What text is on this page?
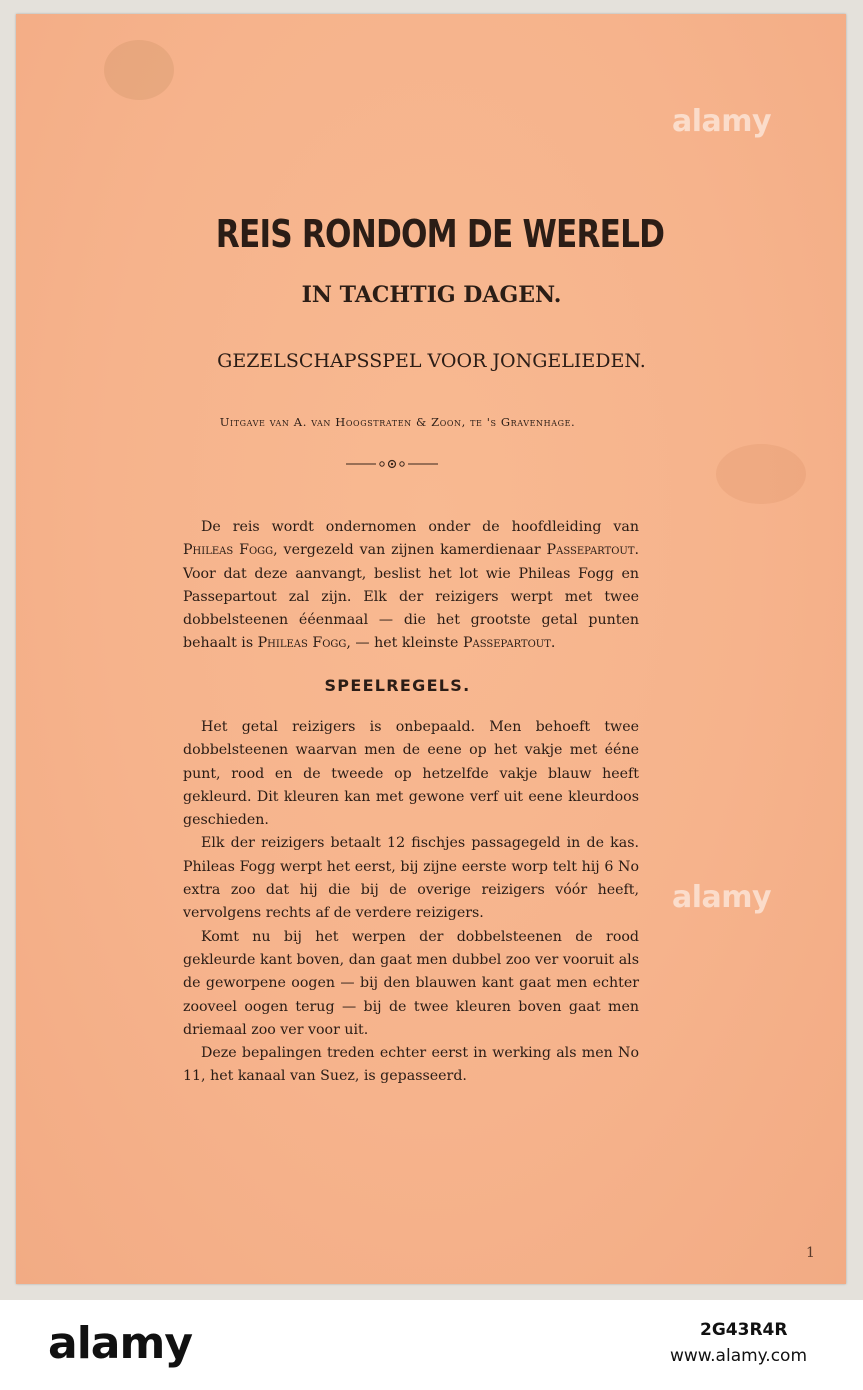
REIS RONDOM DE WERELD
IN TACHTIG DAGEN.
GEZELSCHAPSSPEL VOOR JONGELIEDEN.
Uitgave van A. van Hoogstraten & Zoon, te 's Gravenhage.
De reis wordt ondernomen onder de hoofdleiding van Phileas Fogg, vergezeld van zijnen kamerdienaar Passepartout. Voor dat deze aanvangt, beslist het lot wie Phileas Fogg en Passepartout zal zijn. Elk der reizigers werpt met twee dobbelsteenen ééenmaal — die het grootste getal punten behaalt is Phileas Fogg, — het kleinste Passepartout.
SPEELREGELS.
Het getal reizigers is onbepaald. Men behoeft twee dobbelsteenen waarvan men de eene op het vakje met ééne punt, rood en de tweede op hetzelfde vakje blauw heeft gekleurd. Dit kleuren kan met gewone verf uit eene kleurdoos geschieden.
Elk der reizigers betaalt 12 fischjes passagegeld in de kas. Phileas Fogg werpt het eerst, bij zijne eerste worp telt hij 6 No extra zoo dat hij die bij de overige reizigers vóór heeft, vervolgens rechts af de verdere reizigers.
Komt nu bij het werpen der dobbelsteenen de rood gekleurde kant boven, dan gaat men dubbel zoo ver vooruit als de geworpene oogen — bij den blauwen kant gaat men echter zooveel oogen terug — bij de twee kleuren boven gaat men driemaal zoo ver voor uit.
Deze bepalingen treden echter eerst in werking als men No 11, het kanaal van Suez, is gepasseerd.
1
alamy
alamy
alamy	2G43R4R
www.alamy.com
